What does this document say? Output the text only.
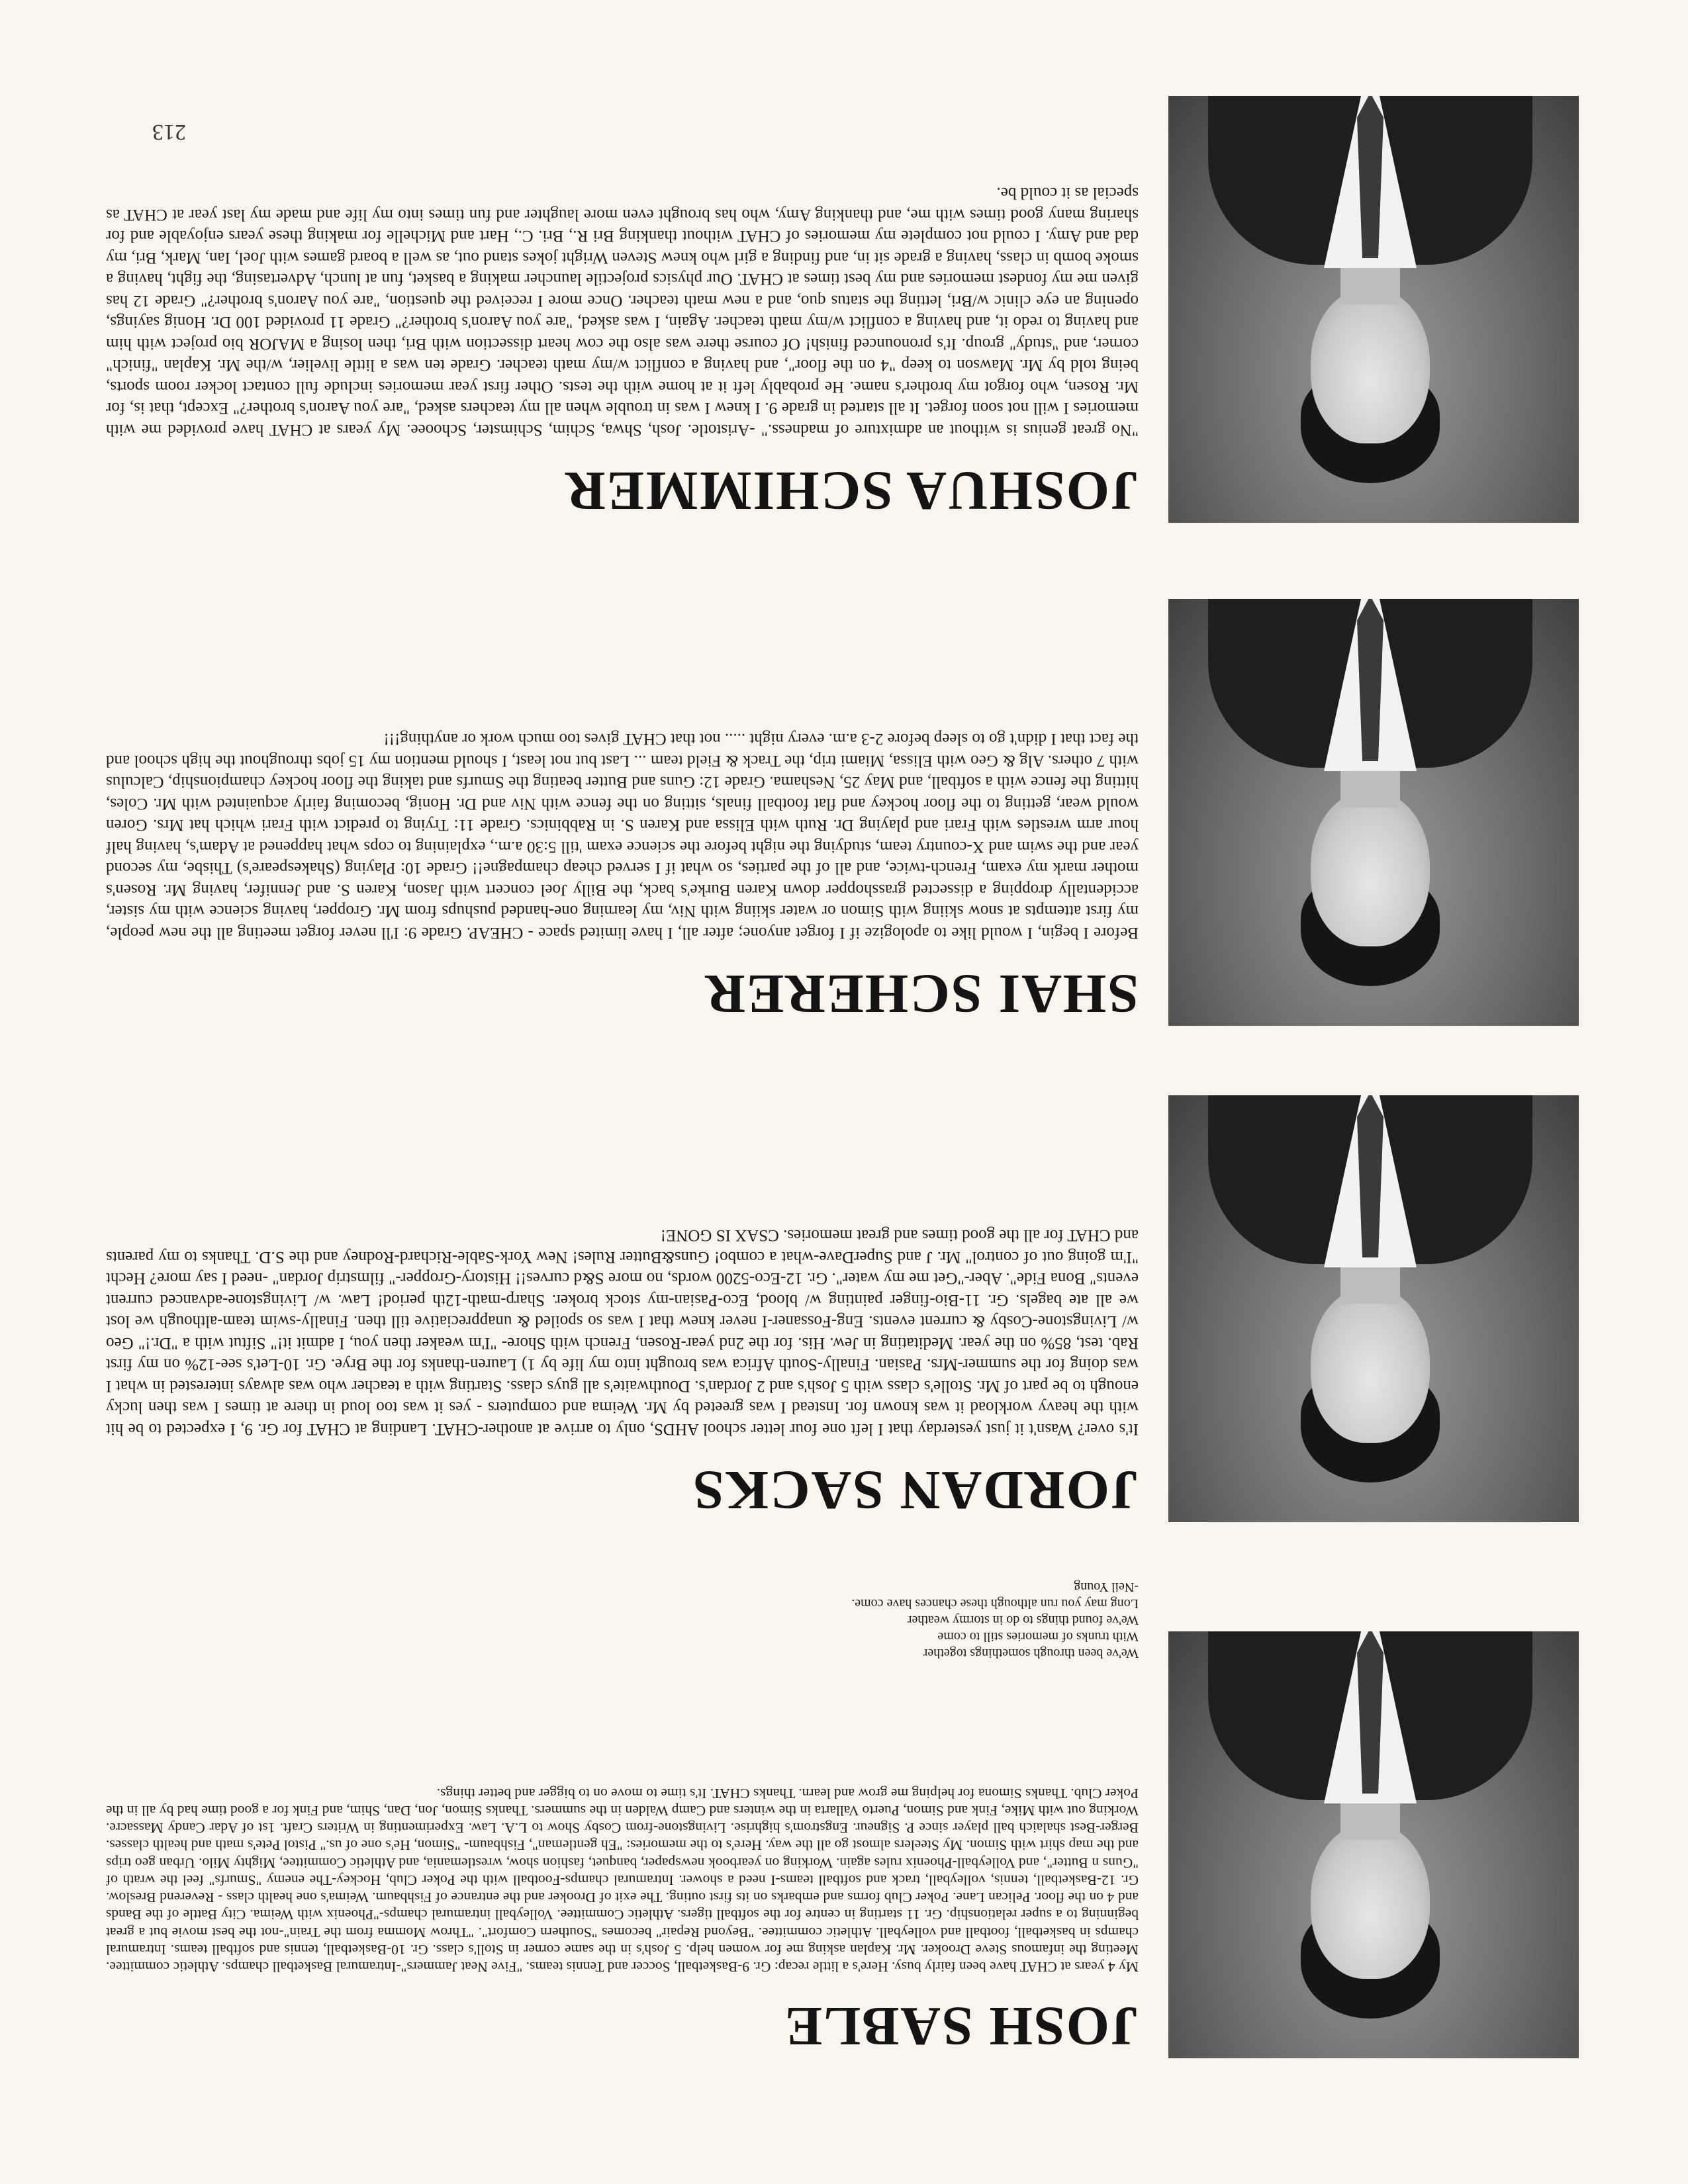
JOSH SABLE

My 4 years at CHAT have been fairly busy. Here's a little recap: Gr. 9-Basketball, Soccer and Tennis teams. "Five Neat Jammers"-Intramural Basketball champs. Athletic committee. Meeting the infamous Steve Drooker. Mr. Kaplan asking me for women help. 5 Josh's in the same corner in Stoll's class. Gr. 10-Basketball, tennis and softball teams. Intramural champs in basketball, football and volleyball. Athletic committee. "Beyond Repair" becomes "Southern Comfort". "Throw Momma from the Train"-not the best movie but a great beginning to a super relationship. Gr. 11 starting in centre for the softball tigers. Athletic Committee. Volleyball intramural champs-"Phoenix with Weima. City Battle of the Bands and 4 on the floor. Pelican Lane. Poker Club forms and embarks on its first outing. The exit of Drooker and the entrance of Fishbaum. Weima's one health class - Reverend Breslow. Gr. 12-Basketball, tennis, volleyball, track and softball teams-I need a shower. Intramural champs-Football with the Poker Club, Hockey-The enemy "Smurfs" feel the wrath of "Guns n Butter", and Volleyball-Phoenix rules again. Working on yearbook newspaper, banquet, fashion show, wrestlemania, and Athletic Committee, Mighty Milo. Urban geo trips and the map shirt with Simon. My Steelers almost go all the way. Here's to the memories: "Eh gentleman", Fishbaum- "Simon, He's one of us." Pistol Pete's math and health classes. Berger-Best shalaich ball player since P. Signeur. Engstrom's highrise. Livingstone-from Cosby Show to L.A. Law. Experimenting in Writers Craft. 1st of Adar Candy Massacre. Working out with Mike, Fink and Simon, Puerto Vallarta in the winters and Camp Walden in the summers. Thanks Simon, Jon, Dan, Shim, and Fink for a good time had by all in the Poker Club. Thanks Simona for helping me grow and learn. Thanks CHAT. It's time to move on to bigger and better things.

We've been through somethings together
With trunks of memories still to come
We've found things to do in stormy weather
Long may you run although these chances have come.
-Neil Young
JORDAN SACKS

It's over? Wasn't it just yesterday that I left one four letter school AHDS, only to arrive at another-CHAT. Landing at CHAT for Gr. 9, I expected to be hit with the heavy workload it was known for. Instead I was greeted by Mr. Weima and computers - yes it was too loud in there at times I was then lucky enough to be part of Mr. Stolle's class with 5 Josh's and 2 Jordan's. Douthwaite's all guys class. Starting with a teacher who was always interested in what I was doing for the summer-Mrs. Pasian. Finally-South Africa was brought into my life by 1) Lauren-thanks for the Brye. Gr. 10-Let's see-12% on my first Rab. test, 85% on the year. Meditating in Jew. His. for the 2nd year-Rosen, French with Shore- "I'm weaker then you, I admit it!" Siftut with a "Dr.!" Geo w/ Livingstone-Cosby & current events. Eng-Fossaner-I never knew that I was so spoiled & unappreciative till then. Finally-swim team-although we lost we all ate bagels. Gr. 11-Bio-finger painting w/ blood, Eco-Pasian-my stock broker. Sharp-math-12th period! Law. w/ Livingstone-advanced current events" Bona Fide". Aber-"Get me my water". Gr. 12-Eco-5200 words, no more S&d curves!! History-Gropper-" filmstrip Jordan" -need I say more? Hecht "I'm going out of control" Mr. J and SuperDave-what a combo! Guns&Butter Rules! New York-Sable-Richard-Rodney and the S.D. Thanks to my parents and CHAT for all the good times and great memories. CSAX IS GONE!

SHAI SCHERER

Before I begin, I would like to apologize if I forget anyone; after all, I have limited space - CHEAP. Grade 9: I'll never forget meeting all the new people, my first attempts at snow skiing with Simon or water skiing with Niv, my learning one-handed pushups from Mr. Gropper, having science with my sister, accidentally dropping a dissected grasshopper down Karen Burke's back, the Billy Joel concert with Jason, Karen S. and Jennifer, having Mr. Rosen's mother mark my exam, French-twice, and all of the parties, so what if I served cheap champagne!! Grade 10: Playing (Shakespeare's) Thisbe, my second year and the swim and X-country team, studying the night before the science exam 'till 5:30 a.m., explaining to cops what happened at Adam's, having half hour arm wrestles with Frari and playing Dr. Ruth with Elissa and Karen S. in Rabbinics. Grade 11: Trying to predict with Frari which hat Mrs. Goren would wear, getting to the floor hockey and flat football finals, sitting on the fence with Niv and Dr. Honig, becoming fairly acquainted with Mr. Coles, hitting the fence with a softball, and May 25, Neshama. Grade 12: Guns and Butter beating the Smurfs and taking the floor hockey championship, Calculus with 7 others. Alg & Geo with Elissa, Miami trip, the Track & Field team ... Last but not least, I should mention my 15 jobs throughout the high school and the fact that I didn't go to sleep before 2-3 a.m. every night ..... not that CHAT gives too much work or anything!!!

JOSHUA SCHIMMER

"No great genius is without an admixture of madness." -Aristotle. Josh, Shwa, Schim, Schimster, Schooee. My years at CHAT have provided me with memories I will not soon forget. It all started in grade 9. I knew I was in trouble when all my teachers asked, "are you Aaron's brother?" Except, that is, for Mr. Rosen, who forgot my brother's name. He probably left it at home with the tests. Other first year memories include full contact locker room sports, being told by Mr. Mawson to keep "4 on the floor", and having a conflict w/my math teacher. Grade ten was a little livelier, w/the Mr. Kaplan "finich" corner, and "study" group. It's pronounced finish! Of course there was also the cow heart dissection with Bri, then losing a MAJOR bio project with him and having to redo it, and having a conflict w/my math teacher. Again, I was asked, "are you Aaron's brother?" Grade 11 provided 100 Dr. Honig sayings, opening an eye clinic w/Bri, letting the status quo, and a new math teacher. Once more I received the question, "are you Aaron's brother?" Grade 12 has given me my fondest memories and my best times at CHAT. Our physics projectile launcher making a basket, fun at lunch, Advertasing, the fight, having a smoke bomb in class, having a grade sit in, and finding a girl who knew Steven Wright jokes stand out, as well a board games with Joel, Ian, Mark, Bri, my dad and Amy. I could not complete my memories of CHAT without thanking Bri R., Bri. C., Hart and Michelle for making these years enjoyable and for sharing many good times with me, and thanking Amy, who has brought even more laughter and fun times into my life and made my last year at CHAT as special as it could be.

213
